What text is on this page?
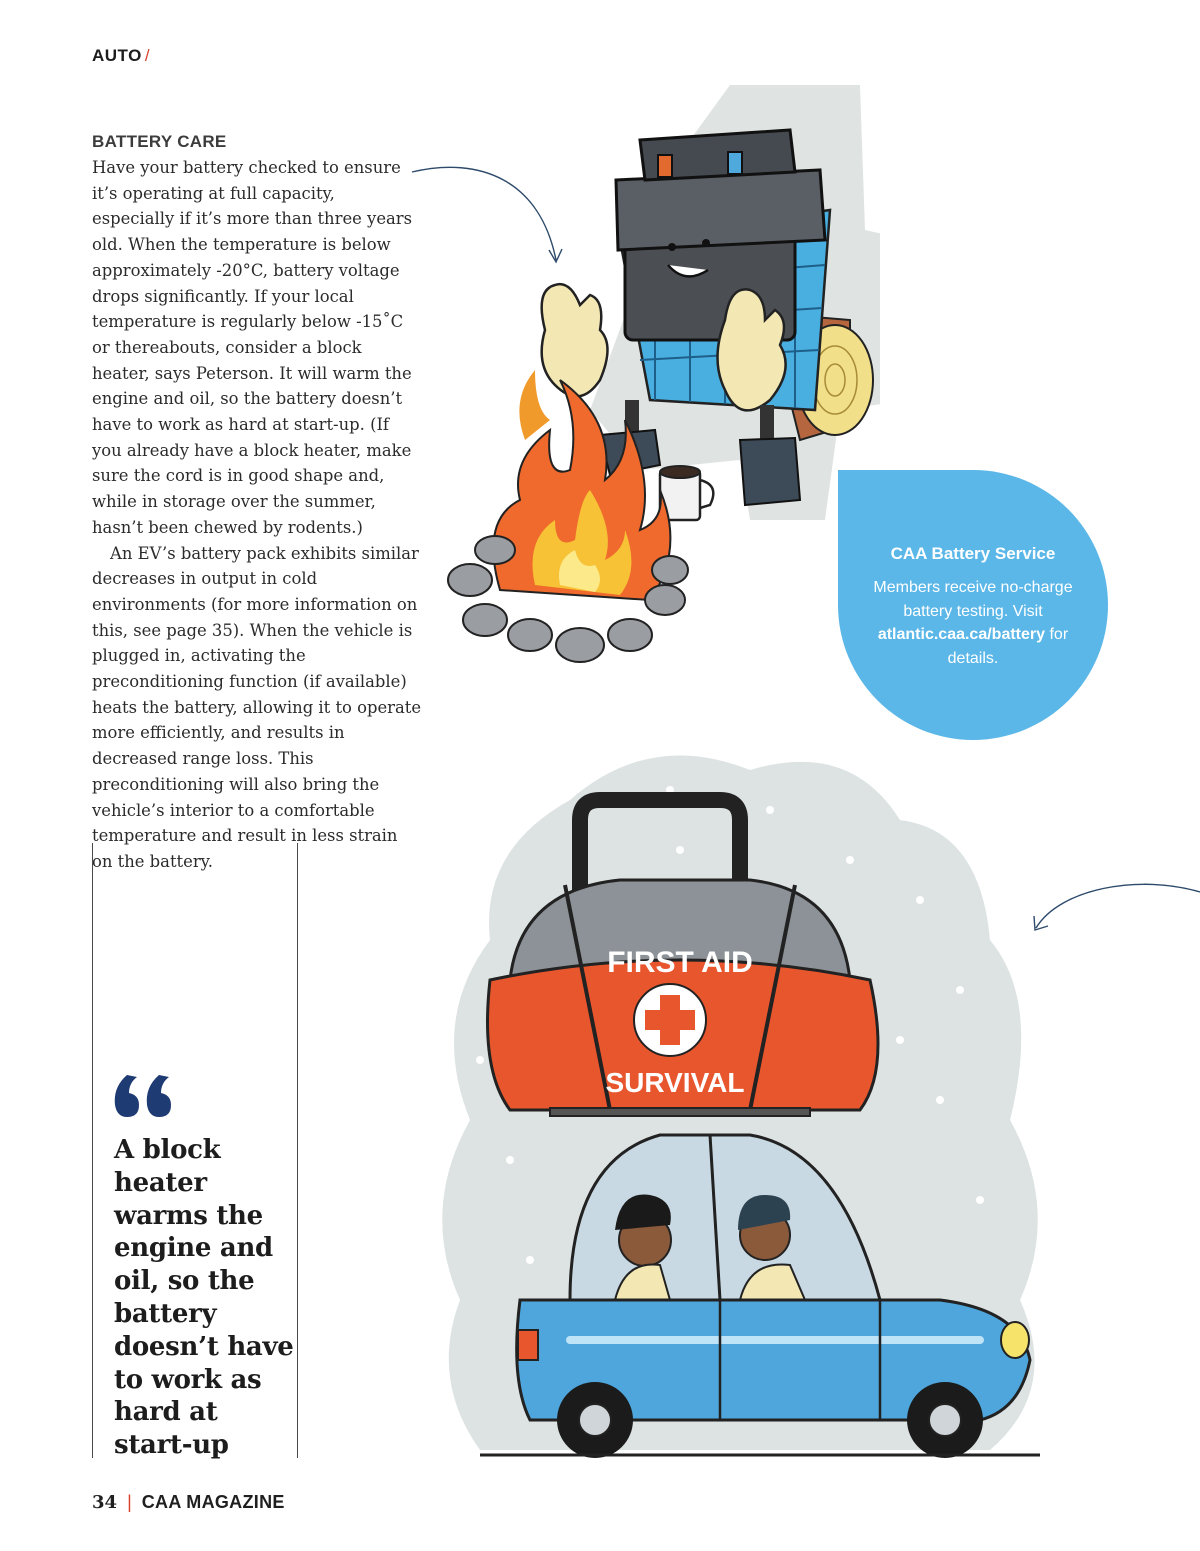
AUTO /
BATTERY CARE

Have your battery checked to ensure it’s operating at full capacity, especially if it’s more than three years old. When the temperature is below approximately -20°C, battery voltage drops significantly. If your local temperature is regularly below -15˚C or thereabouts, consider a block heater, says Peterson. It will warm the engine and oil, so the battery doesn’t have to work as hard at start-up. (If you already have a block heater, make sure the cord is in good shape and, while in storage over the summer, hasn’t been chewed by rodents.)

An EV’s battery pack exhibits similar decreases in output in cold environments (for more information on this, see page 35). When the vehicle is plugged in, activating the preconditioning function (if available) heats the battery, allowing it to operate more efficiently, and results in decreased range loss. This preconditioning will also bring the vehicle’s interior to a comfortable temperature and result in less strain on the battery.

CAA Battery Service
Members receive no-charge battery testing. Visit atlantic.caa.ca/battery for details.
FIRST AID
SURVIVAL
A block heater warms the engine and oil, so the battery doesn’t have to work as hard at start-up
34 | CAA MAGAZINE
